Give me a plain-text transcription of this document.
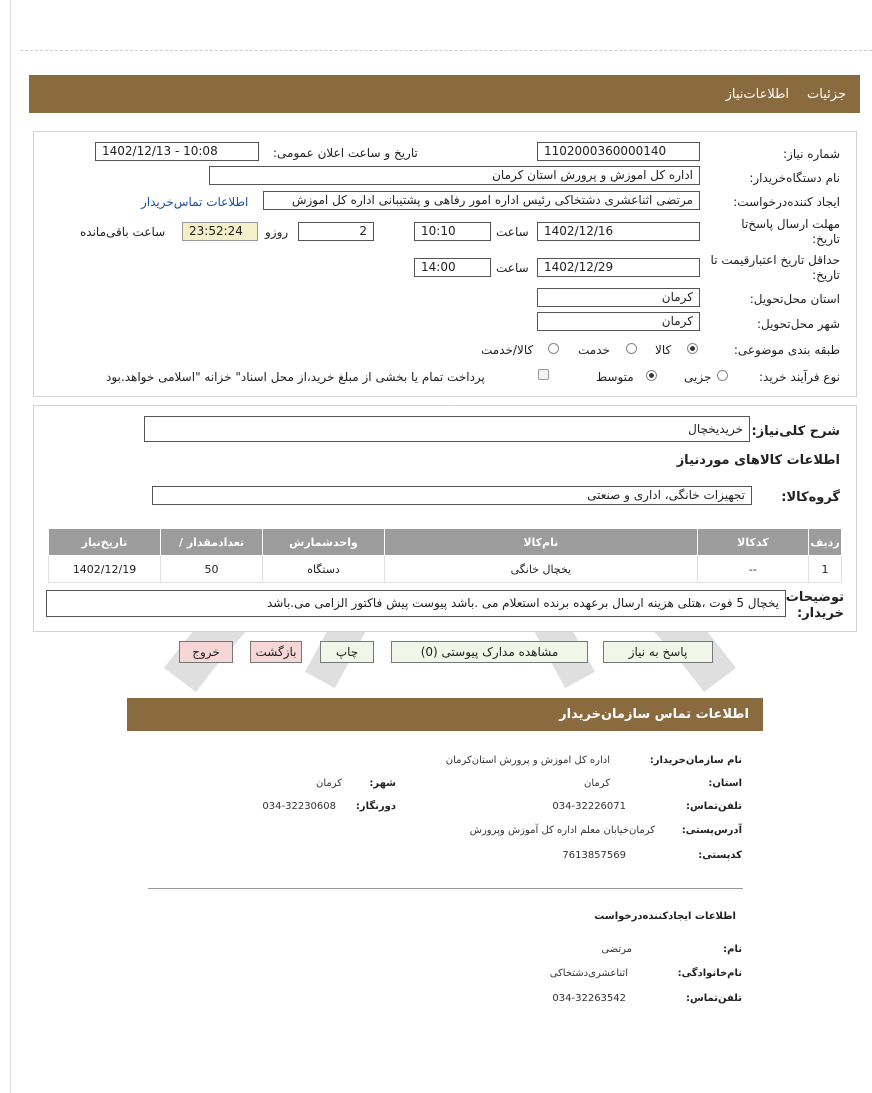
جزئیات
اطلاعات‌نیاز
شماره نیاز:
1102000360000140
تاریخ و ساعت اعلان عمومی:
1402/12/13 - 10:08
نام دستگاه‌خریدار:
اداره کل اموزش و پرورش استان کرمان
ایجاد کننده‌درخواست:
مرتضی اثناعشری دشتخاکی رئیس اداره امور رفاهی و پشتیبانی اداره کل اموزش
اطلاعات تماس‌خریدار
مهلت ارسال پاسخ‌تا تاریخ:
1402/12/16
ساعت
10:10
2
روزو
23:52:24
ساعت باقی‌مانده
حداقل تاریخ اعتبار‌قیمت تا تاریخ:
1402/12/29
ساعت
14:00
استان محل‌تحویل:
کرمان
شهر محل‌تحویل:
کرمان
طبقه بندی موضوعی:
کالا
خدمت
کالا/خدمت
نوع فرآیند خرید:
جزیی
متوسط
پرداخت تمام یا بخشی از مبلغ خرید،از محل اسناد" خزانه "اسلامی خواهد.بود
شرح کلی‌نیاز:
خریدیخچال
اطلاعات کالاهای موردنیاز
گروه‌کالا:
تجهیزات خانگی، اداری و صنعتی
ردیف	کدکالا	نام‌کالا	واحدشمارش	تعدادمقدار /	تاریخ‌نیاز
1	--	یخچال خانگی	دستگاه	50	1402/12/19
توضیحات خریدار:
یخچال 5 فوت ،هتلی هزینه ارسال برعهده برنده استعلام می .باشد پیوست پیش فاکتور الزامی می.باشد
پاسخ به نیاز
مشاهده مدارک پیوستی (0)
چاپ
بازگشت
خروج
اطلاعات تماس سازمان‌خریدار
نام سازمان‌خریدار:
اداره کل اموزش و پرورش استان‌کرمان
استان:
کرمان
شهر:
کرمان
تلفن‌تماس:
034-32226071
دورنگار:
034-32230608
آدرس‌پستی:
کرمان‌خیابان معلم اداره کل آموزش وپرورش
کدپستی:
7613857569
اطلاعات ایجادکننده‌درخواست
نام:
مرتضی
نام‌خانوادگی:
اثناعشری‌دشتخاکی
تلفن‌تماس:
034-32263542
